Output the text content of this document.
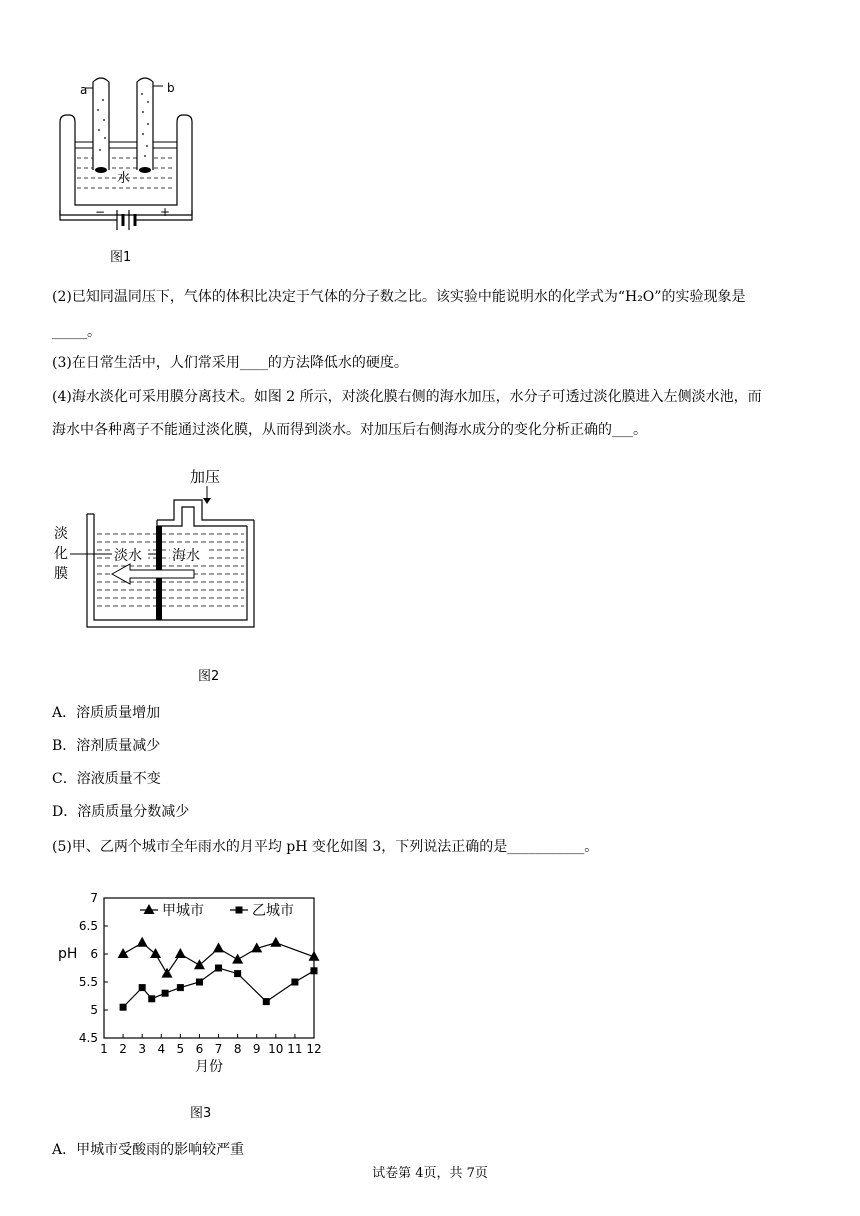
a	b
水
−	+
图1
(2)已知同温同压下，气体的体积比决定于气体的分子数之比。该实验中能说明水的化学式为“H₂O”的实验现象是
_____。
(3)在日常生活中，人们常采用____的方法降低水的硬度。
(4)海水淡化可采用膜分离技术。如图 2 所示，对淡化膜右侧的海水加压，水分子可透过淡化膜进入左侧淡水池，而
海水中各种离子不能通过淡化膜，从而得到淡水。对加压后右侧海水成分的变化分析正确的___。
淡水 海水
加压
淡
化
膜
图2
A．溶质质量增加
B．溶剂质量减少
C．溶液质量不变
D．溶质质量分数减少
(5)甲、乙两个城市全年雨水的月平均 pH 变化如图 3，下列说法正确的是___________。
4.5
5
5.5
6
6.5
7
1 2 3 4 5 6 7 8 9 10 11 12
月份
pH
甲城市	乙城市
图3
A．甲城市受酸雨的影响较严重
试卷第 4页，共 7页
